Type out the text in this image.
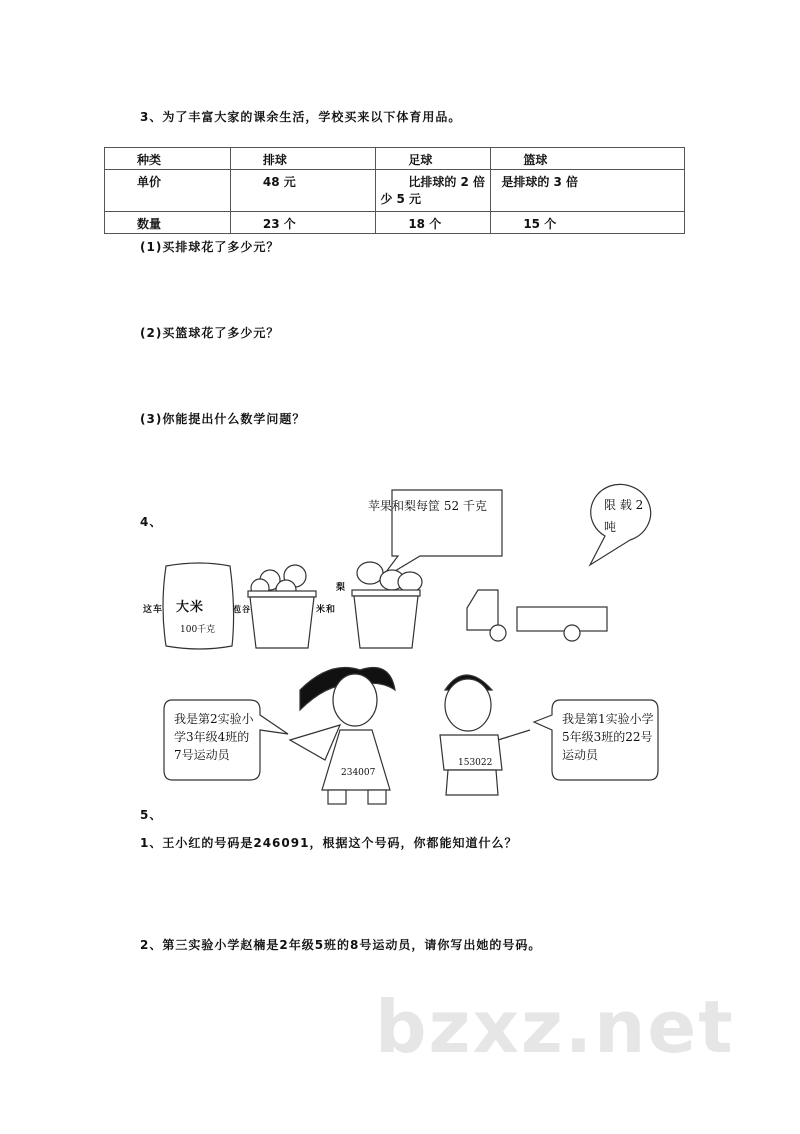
3、为了丰富大家的课余生活，学校买来以下体育用品。
种类	排球	足球	篮球
单价	48 元	比排球的 2 倍少 5 元	是排球的 3 倍
数量	23 个	18 个	15 个
(1)买排球花了多少元？
(2)买篮球花了多少元？
(3)你能提出什么数学问题？
4、
苹果和梨每筐 52 千克	限 载 2 吨
大米
100千克
这车	苞谷	米和
梨
我是第2实验小学3年级4班的7号运动员
234007
我是第1实验小学5年级3班的22号运动员
153022
5、
1、王小红的号码是246091，根据这个号码，你都能知道什么？
2、第三实验小学赵楠是2年级5班的8号运动员，请你写出她的号码。
bzxz.net
